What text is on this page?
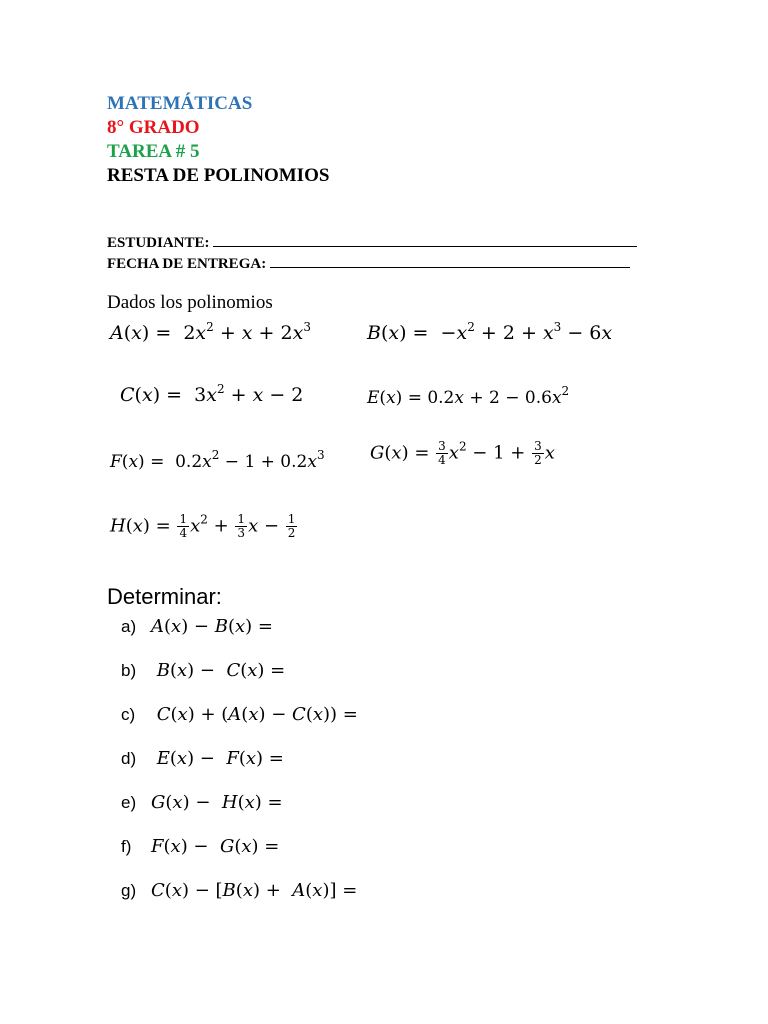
MATEMÁTICAS
8° GRADO
TAREA # 5
RESTA DE POLINOMIOS
ESTUDIANTE:
FECHA DE ENTREGA:
Dados los polinomios
$A(x) = 2x^2 + x + 2x^3$	$B(x) = -x^2 + 2 + x^3 - 6x$
$C(x) = 3x^2 + x - 2$	$E(x) = 0.2x + 2 - 0.6x^2$
$F(x) = 0.2x^2 - 1 + 0.2x^3$	$G(x) = \frac{3}{4} x^2 - 1 + \frac{3}{2}$ x
$H(x) = \frac{1}{4} x^2 + \frac{1}{3}$ $x - \frac{1}{2}$
Determinar:
a) A(x) − B(x) =
b)	B(x) −  C(x) =
c)	C(x) + (A(x) − C(x)) =
d)	E(x) −  F(x) =
e) G(x) −  H(x) =
f)	F(x) −  G(x) =
g) C(x) − [B(x) +  A(x)] =
